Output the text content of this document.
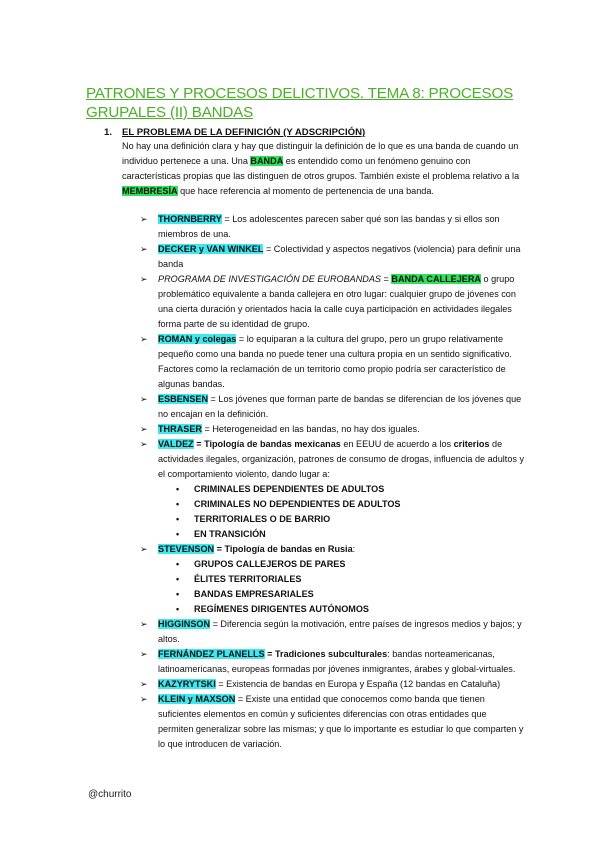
PATRONES Y PROCESOS DELICTIVOS. TEMA 8: PROCESOS GRUPALES (II) BANDAS
1. EL PROBLEMA DE LA DEFINICIÓN (Y ADSCRIPCIÓN)
No hay una definición clara y hay que distinguir la definición de lo que es una banda de cuando un individuo pertenece a una. Una BANDA es entendido como un fenómeno genuino con características propias que las distinguen de otros grupos. También existe el problema relativo a la MEMBRESÍA que hace referencia al momento de pertenencia de una banda.
➢ THORNBERRY = Los adolescentes parecen saber qué son las bandas y si ellos son miembros de una.
➢ DECKER y VAN WINKEL = Colectividad y aspectos negativos (violencia) para definir una banda
➢ PROGRAMA DE INVESTIGACIÓN DE EUROBANDAS = BANDA CALLEJERA o grupo problemático equivalente a banda callejera en otro lugar: cualquier grupo de jóvenes con una cierta duración y orientados hacia la calle cuya participación en actividades ilegales forma parte de su identidad de grupo.
➢ ROMAN y colegas = lo equiparan a la cultura del grupo, pero un grupo relativamente pequeño como una banda no puede tener una cultura propia en un sentido significativo. Factores como la reclamación de un territorio como propio podría ser característico de algunas bandas.
➢ ESBENSEN = Los jóvenes que forman parte de bandas se diferencian de los jóvenes que no encajan en la definición.
➢ THRASER = Heterogeneidad en las bandas, no hay dos iguales.
➢ VALDEZ = Tipología de bandas mexicanas en EEUU de acuerdo a los criterios de actividades ilegales, organización, patrones de consumo de drogas, influencia de adultos y el comportamiento violento, dando lugar a:
• CRIMINALES DEPENDIENTES DE ADULTOS
• CRIMINALES NO DEPENDIENTES DE ADULTOS
• TERRITORIALES O DE BARRIO
• EN TRANSICIÓN
➢ STEVENSON = Tipología de bandas en Rusia:
• GRUPOS CALLEJEROS DE PARES
• ÉLITES TERRITORIALES
• BANDAS EMPRESARIALES
• REGÍMENES DIRIGENTES AUTÓNOMOS
➢ HIGGINSON = Diferencia según la motivación, entre países de ingresos medios y bajos; y altos.
➢ FERNÁNDEZ PLANELLS = Tradiciones subculturales: bandas norteamericanas, latinoamericanas, europeas formadas por jóvenes inmigrantes, árabes y global-virtuales.
➢ KAZYRYTSKI = Existencia de bandas en Europa y España (12 bandas en Cataluña)
➢ KLEIN y MAXSON = Existe una entidad que conocemos como banda que tienen suficientes elementos en común y suficientes diferencias con otras entidades que permiten generalizar sobre las mismas; y que lo importante es estudiar lo que comparten y lo que introducen de variación.
@churrito
